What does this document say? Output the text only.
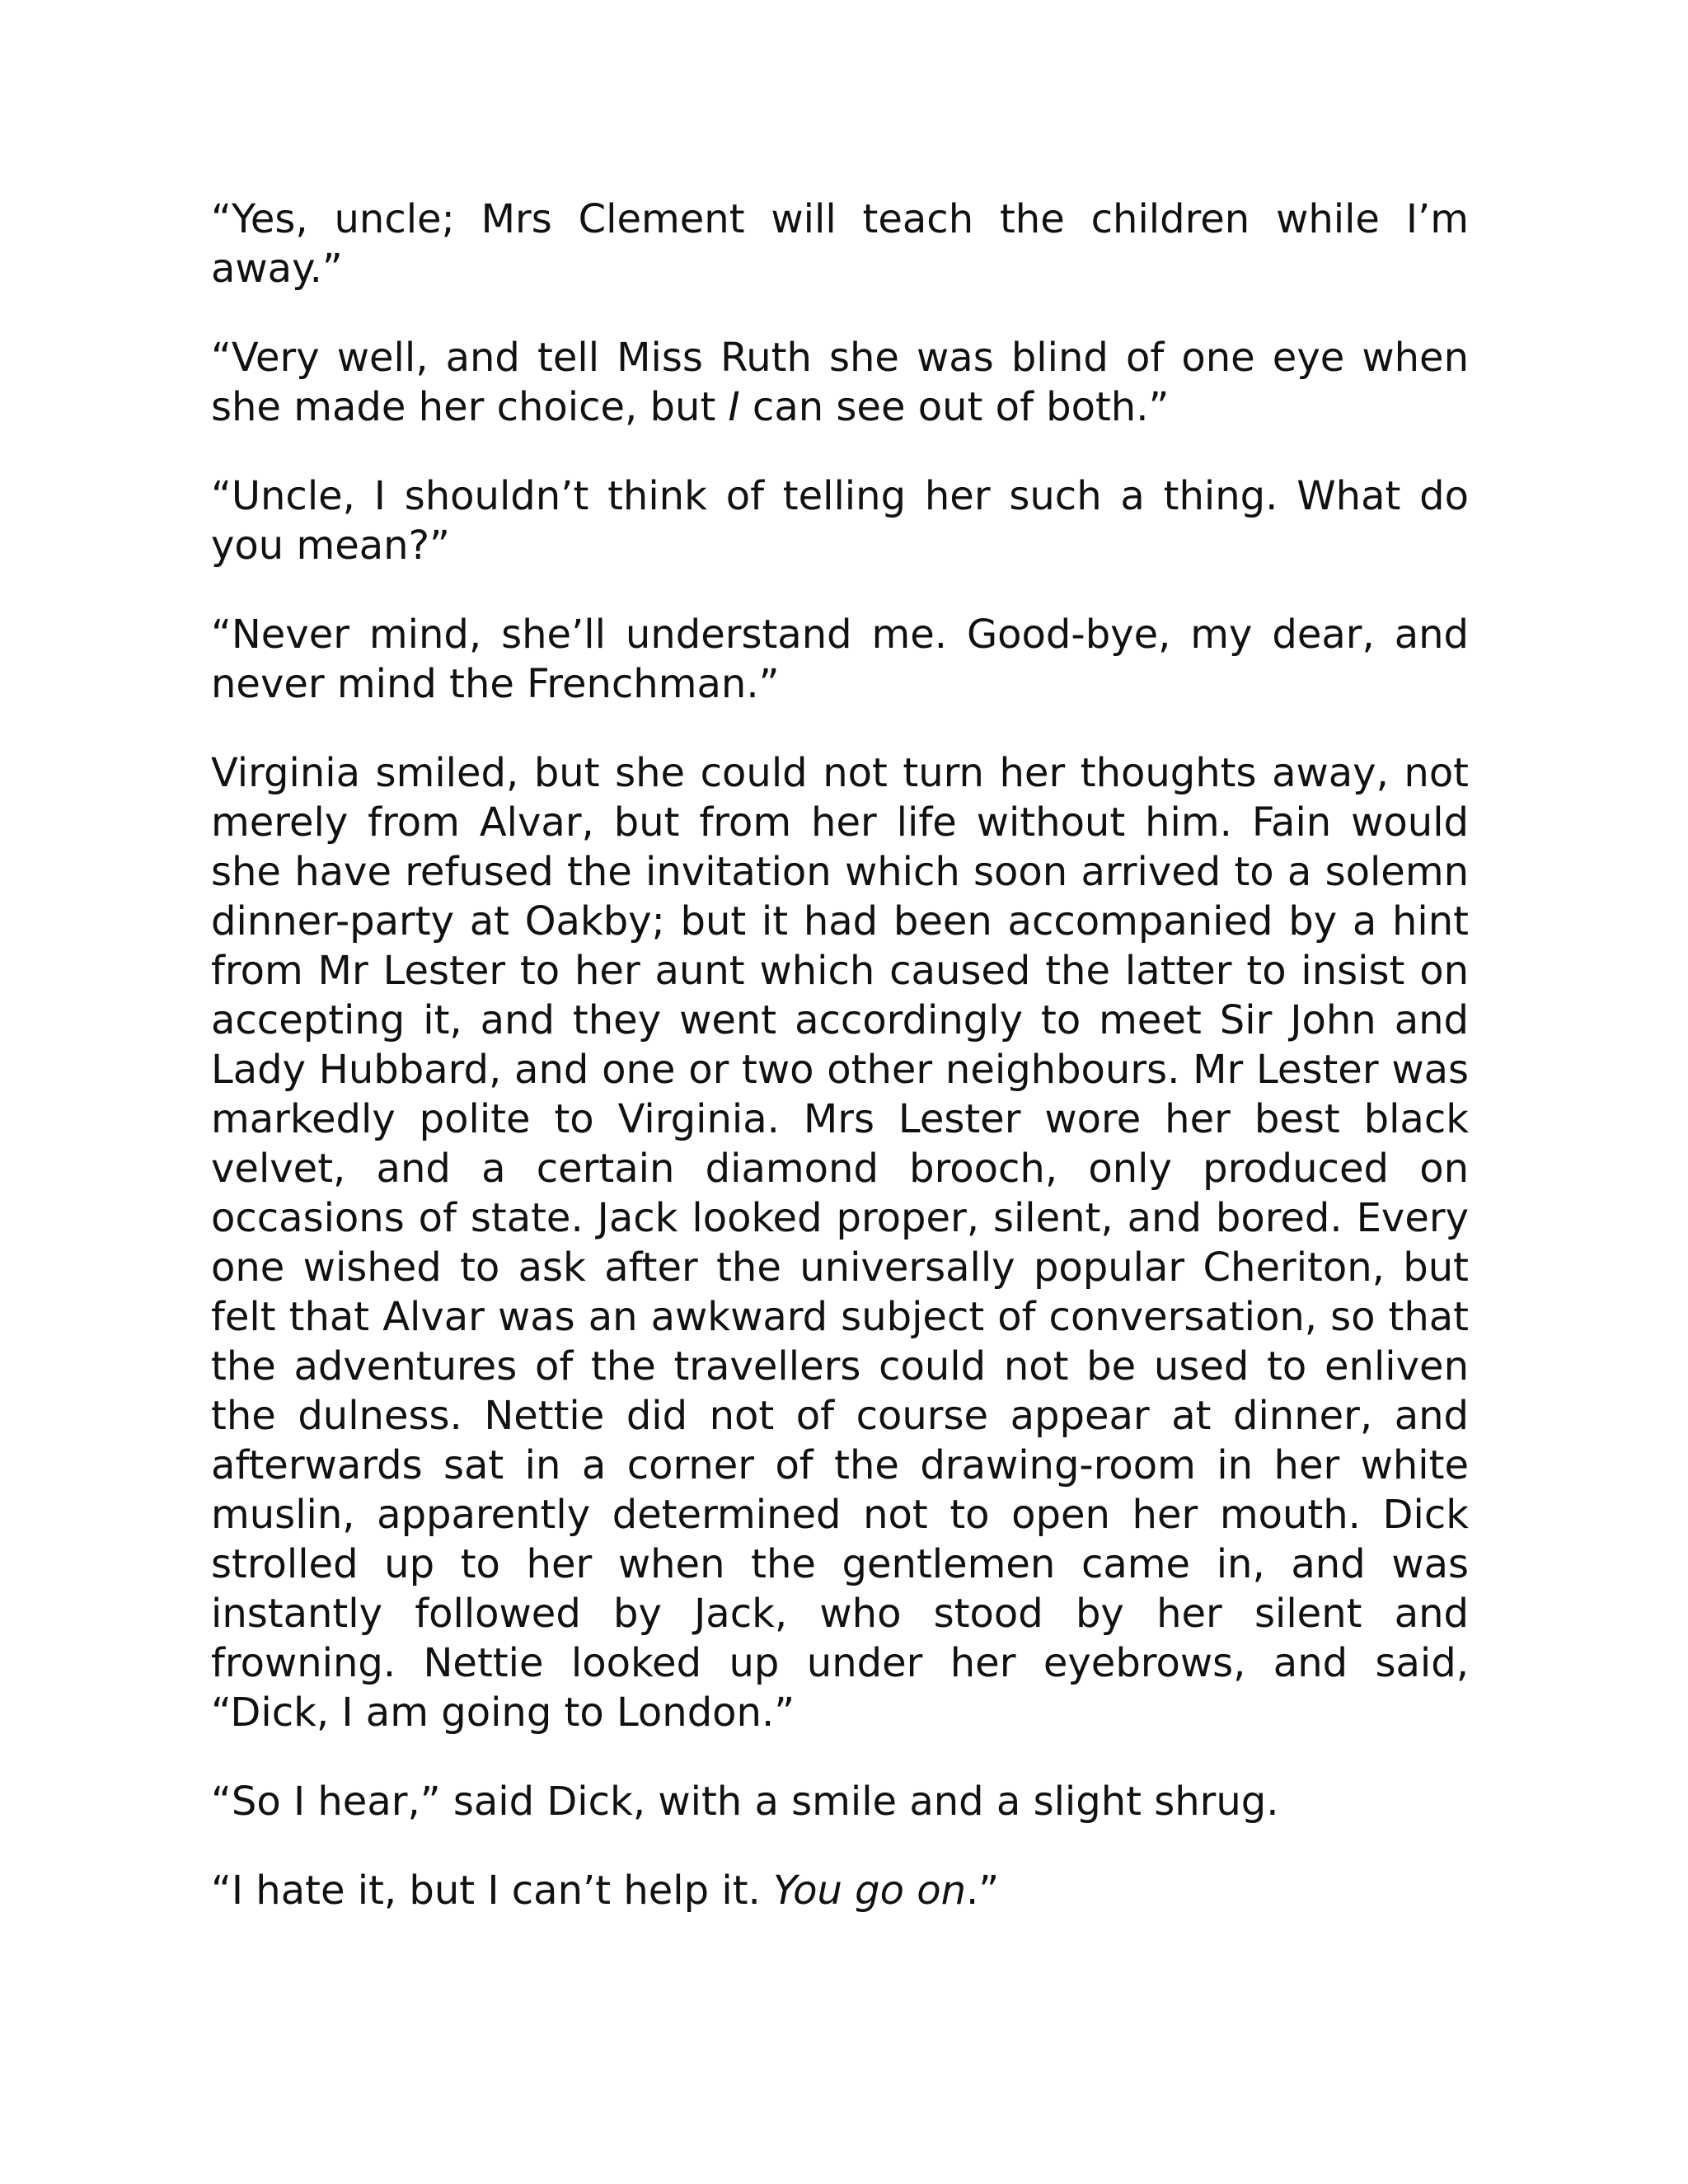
“Yes, uncle; Mrs Clement will teach the children while I’m away.”

“Very well, and tell Miss Ruth she was blind of one eye when she made her choice, but I can see out of both.”

“Uncle, I shouldn’t think of telling her such a thing. What do you mean?”

“Never mind, she’ll understand me. Good-bye, my dear, and never mind the Frenchman.”

Virginia smiled, but she could not turn her thoughts away, not merely from Alvar, but from her life without him. Fain would she have refused the invitation which soon arrived to a solemn dinner-party at Oakby; but it had been accompanied by a hint from Mr Lester to her aunt which caused the latter to insist on accepting it, and they went accordingly to meet Sir John and Lady Hubbard, and one or two other neighbours. Mr Lester was markedly polite to Virginia. Mrs Lester wore her best black velvet, and a certain diamond brooch, only produced on occasions of state. Jack looked proper, silent, and bored. Every one wished to ask after the universally popular Cheriton, but felt that Alvar was an awkward subject of conversation, so that the adventures of the travellers could not be used to enliven the dulness. Nettie did not of course appear at dinner, and afterwards sat in a corner of the drawing-room in her white muslin, apparently determined not to open her mouth. Dick strolled up to her when the gentlemen came in, and was instantly followed by Jack, who stood by her silent and frowning. Nettie looked up under her eyebrows, and said, “Dick, I am going to London.”

“So I hear,” said Dick, with a smile and a slight shrug.

“I hate it, but I can’t help it. You go on.”
